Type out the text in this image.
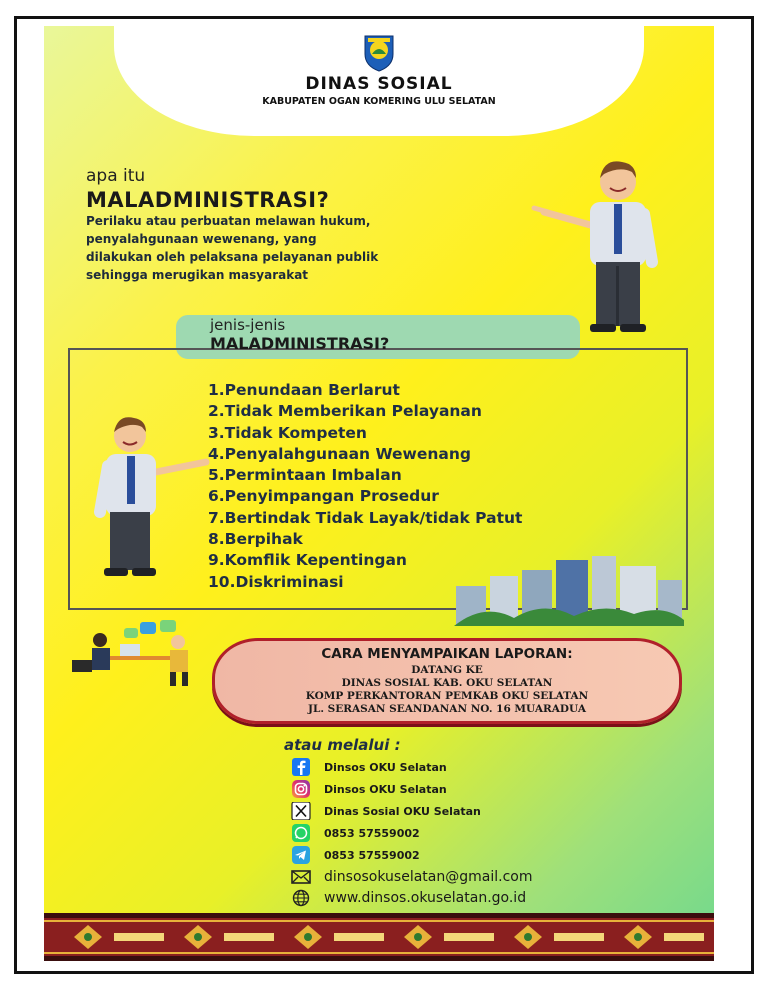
DINAS SOSIAL
KABUPATEN OGAN KOMERING ULU SELATAN
apa itu
MALADMINISTRASI?
Perilaku atau perbuatan melawan hukum,
penyalahgunaan wewenang, yang
dilakukan oleh pelaksana pelayanan publik
sehingga merugikan masyarakat
jenis-jenis
MALADMINISTRASI?
1.Penundaan Berlarut
2.Tidak Memberikan Pelayanan
3.Tidak Kompeten
4.Penyalahgunaan Wewenang
5.Permintaan Imbalan
6.Penyimpangan Prosedur
7.Bertindak Tidak Layak/tidak Patut
8.Berpihak
9.Komflik Kepentingan
10.Diskriminasi
CARA MENYAMPAIKAN LAPORAN:
DATANG KE
DINAS SOSIAL KAB. OKU SELATAN
KOMP PERKANTORAN PEMKAB OKU SELATAN
JL. SERASAN SEANDANAN NO. 16 MUARADUA
atau melalui :
Dinsos OKU Selatan
Dinsos OKU Selatan
Dinas Sosial OKU Selatan
0853 57559002
0853 57559002
dinsosokuselatan@gmail.com
www.dinsos.okuselatan.go.id
